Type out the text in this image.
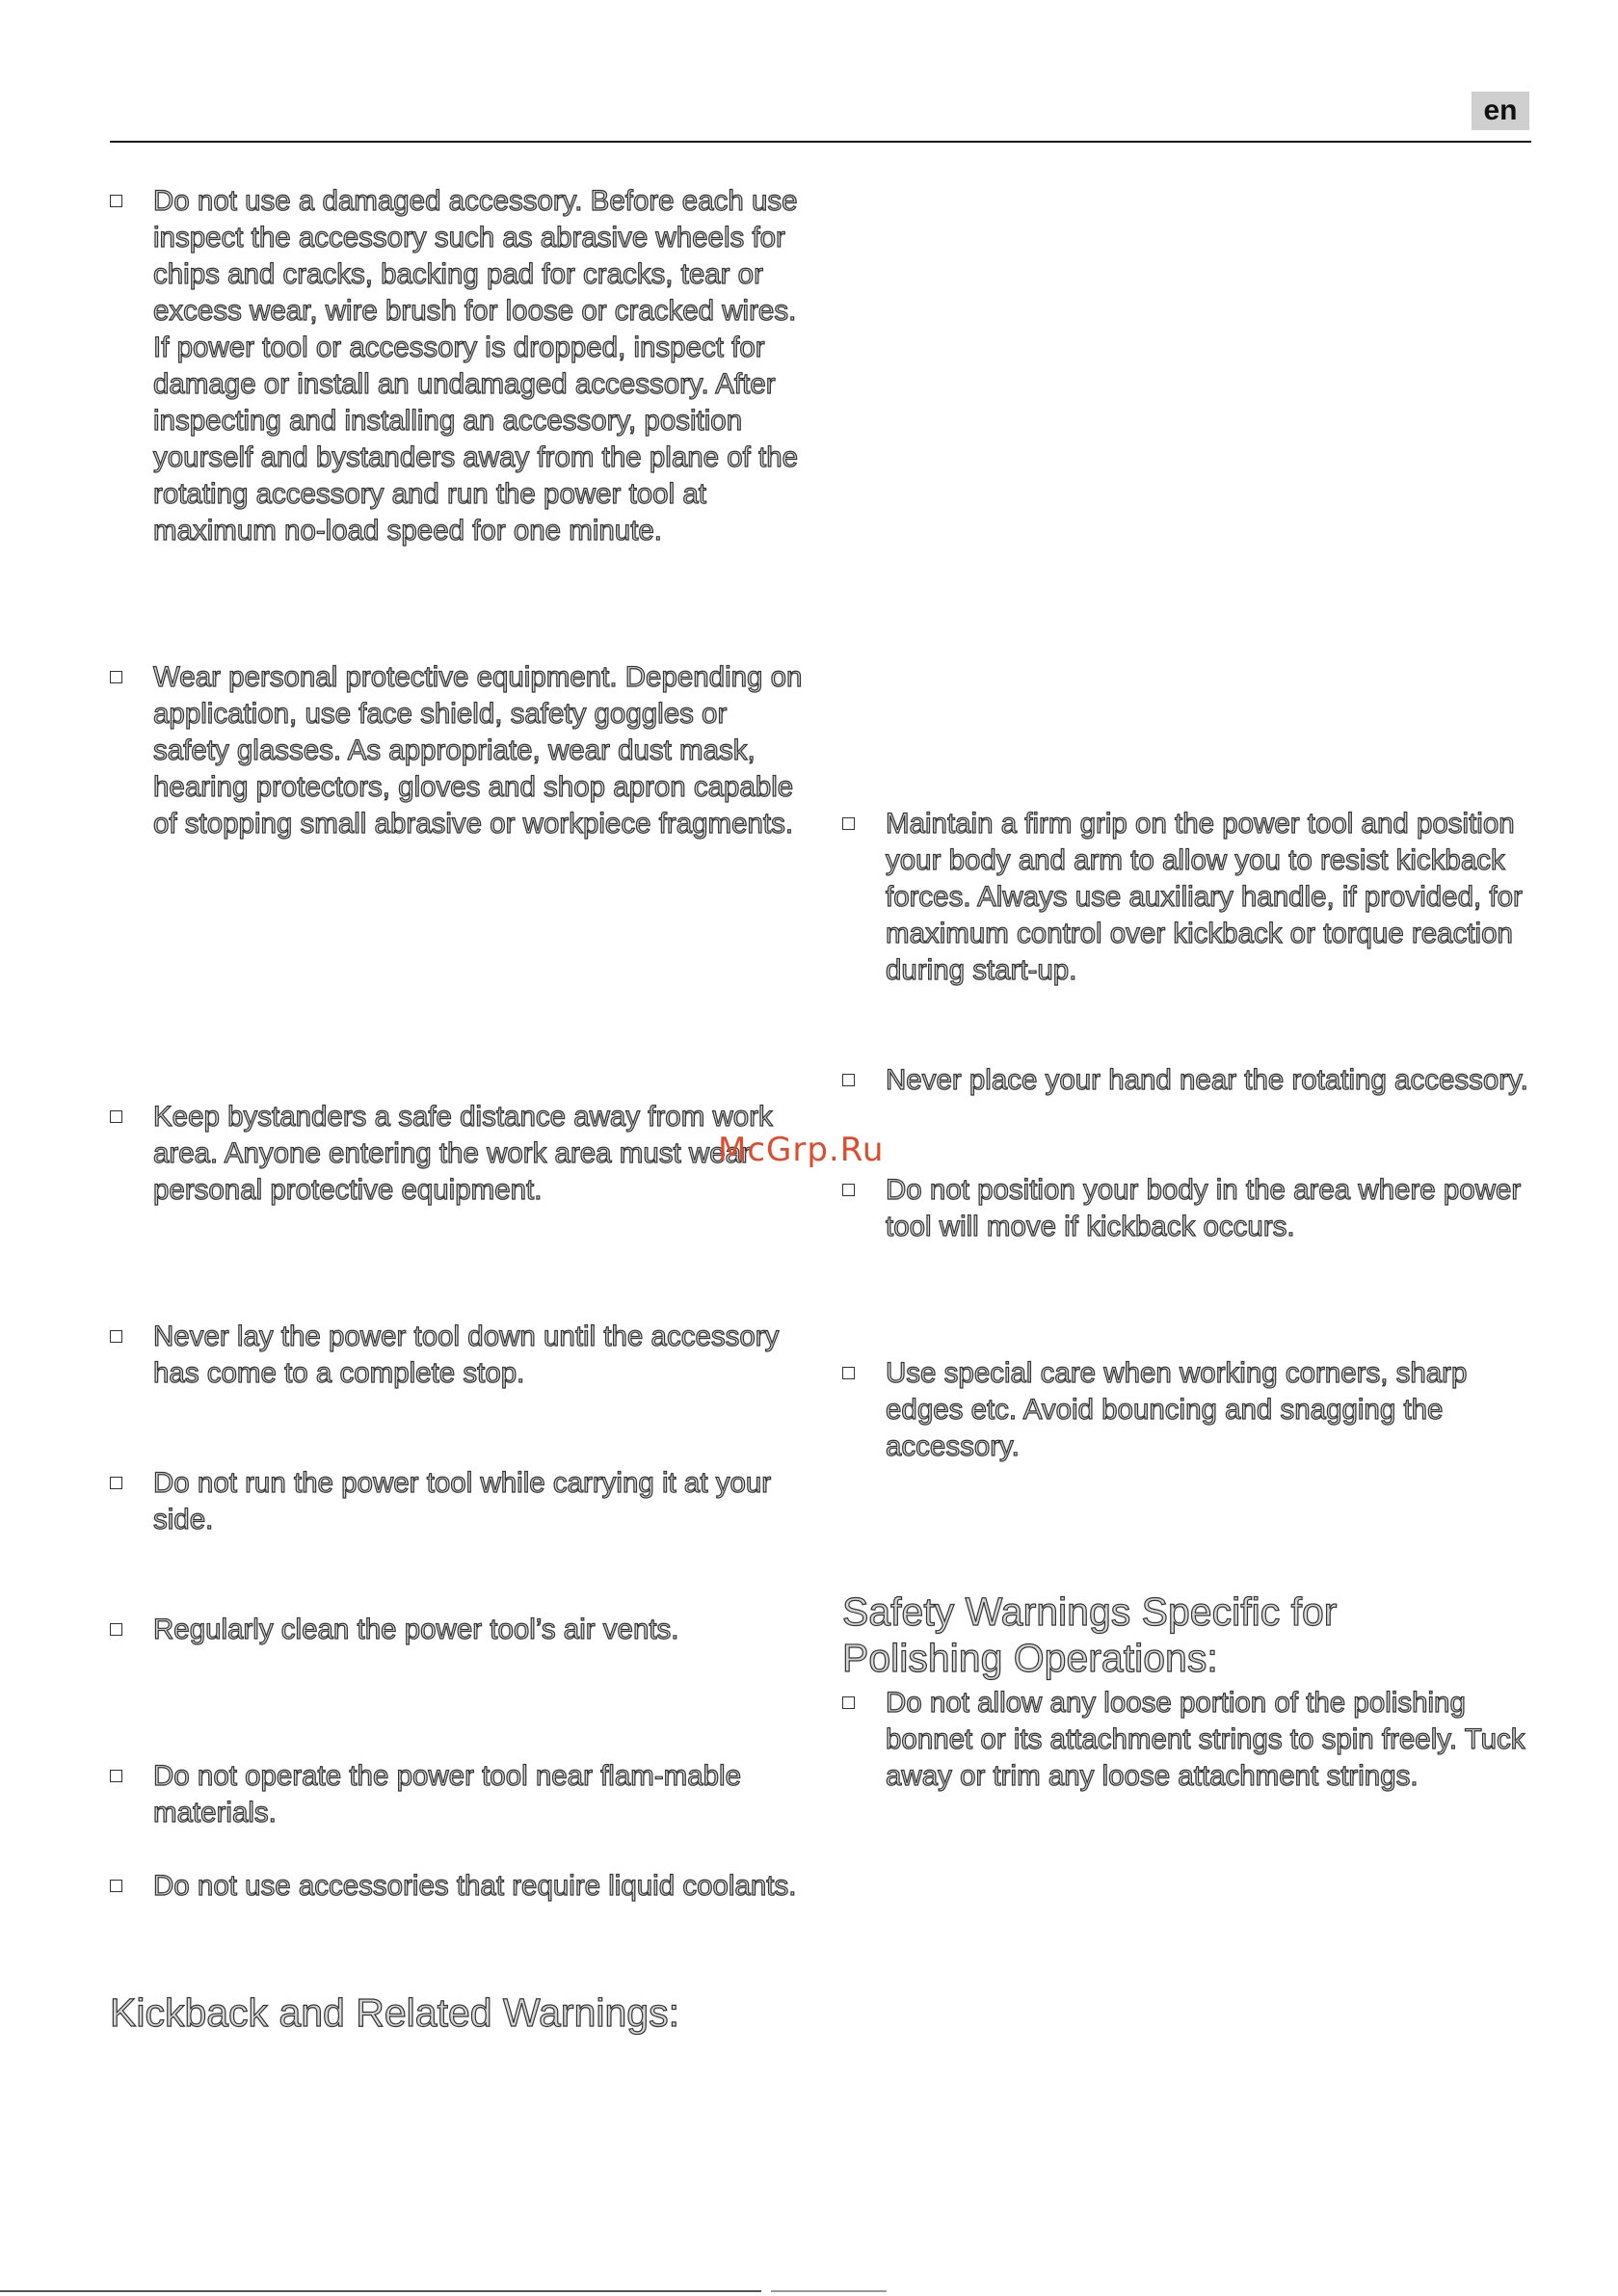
en
Do not use a damaged accessory. Before each use inspect the accessory such as abrasive wheels for chips and cracks, backing pad for cracks, tear or excess wear, wire brush for loose or cracked wires. If power tool or accessory is dropped, inspect for damage or install an undamaged accessory. After inspecting and installing an accessory, position yourself and bystanders away from the plane of the rotating accessory and run the power tool at maximum no-load speed for one minute.
Wear personal protective equipment. Depending on application, use face shield, safety goggles or safety glasses. As appropriate, wear dust mask, hearing protectors, gloves and shop apron capable of stopping small abrasive or workpiece fragments.
Keep bystanders a safe distance away from work area. Anyone entering the work area must wear personal protective equipment.
Never lay the power tool down until the accessory has come to a complete stop.
Do not run the power tool while carrying it at your side.
Regularly clean the power tool’s air vents.
Do not operate the power tool near flam-mable materials.
Do not use accessories that require liquid coolants.
Kickback and Related Warnings:
Maintain a firm grip on the power tool and position your body and arm to allow you to resist kickback forces. Always use auxiliary handle, if provided, for maximum control over kickback or torque reaction during start-up.
Never place your hand near the rotating accessory.
Do not position your body in the area where power tool will move if kickback occurs.
Use special care when working corners, sharp edges etc. Avoid bouncing and snagging the accessory.
Safety Warnings Specific for Polishing Operations:
Do not allow any loose portion of the polishing bonnet or its attachment strings to spin freely. Tuck away or trim any loose attachment strings.
McGrp.Ru
